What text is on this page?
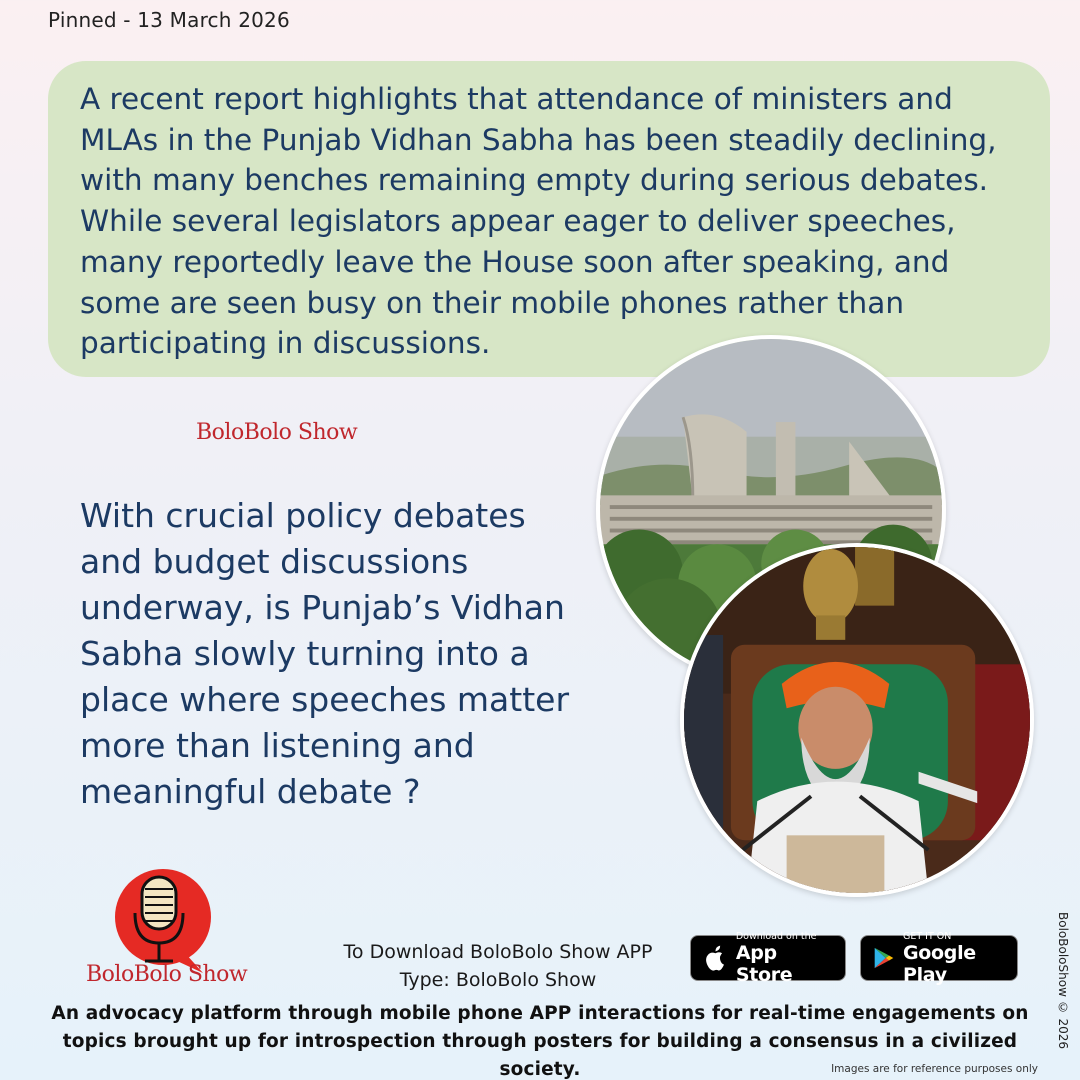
Pinned - 13 March 2026

A recent report highlights that attendance of ministers and MLAs in the Punjab Vidhan Sabha has been steadily declining, with many benches remaining empty during serious debates. While several legislators appear eager to deliver speeches, many reportedly leave the House soon after speaking, and some are seen busy on their mobile phones rather than participating in discussions.

BoloBolo Show

With crucial policy debates and budget discussions underway, is Punjab’s Vidhan Sabha slowly turning into a place where speeches matter more than listening and meaningful debate ?

BoloBolo Show
To Download BoloBolo Show APP
Type: BoloBolo Show
Download on the
App Store
GET IT ON
Google Play

An advocacy platform through mobile phone APP interactions for real-time engagements on topics brought up for introspection through posters for building a consensus in a civilized society.

BoloBoloShow © 2026
Images are for reference purposes only
